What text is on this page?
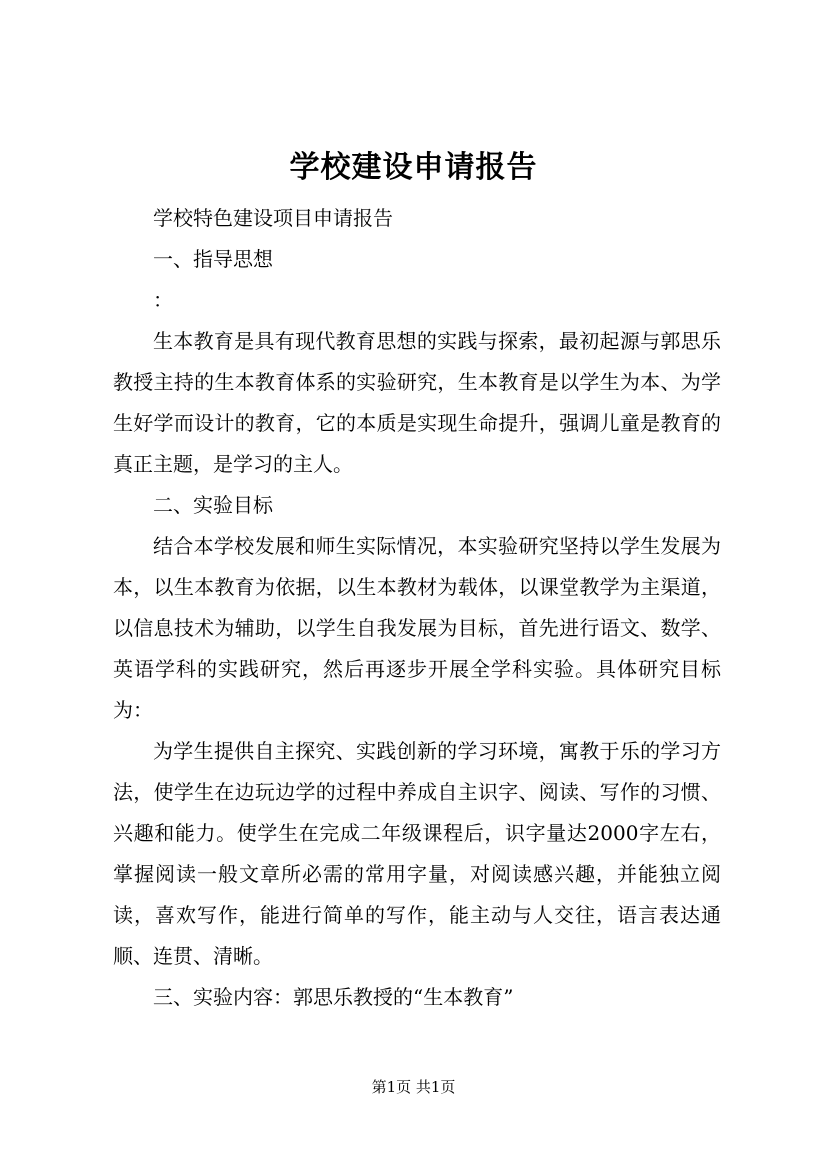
学校建设申请报告

学校特色建设项目申请报告

一、指导思想

：

生本教育是具有现代教育思想的实践与探索，最初起源与郭思乐教授主持的生本教育体系的实验研究，生本教育是以学生为本、为学生好学而设计的教育，它的本质是实现生命提升，强调儿童是教育的真正主题，是学习的主人。

二、实验目标

结合本学校发展和师生实际情况，本实验研究坚持以学生发展为本，以生本教育为依据，以生本教材为载体，以课堂教学为主渠道，以信息技术为辅助，以学生自我发展为目标，首先进行语文、数学、英语学科的实践研究，然后再逐步开展全学科实验。具体研究目标为：

为学生提供自主探究、实践创新的学习环境，寓教于乐的学习方法，使学生在边玩边学的过程中养成自主识字、阅读、写作的习惯、兴趣和能力。使学生在完成二年级课程后，识字量达2000字左右，掌握阅读一般文章所必需的常用字量，对阅读感兴趣，并能独立阅读，喜欢写作，能进行简单的写作，能主动与人交往，语言表达通顺、连贯、清晰。

三、实验内容：郭思乐教授的“生本教育”

第1页 共1页
